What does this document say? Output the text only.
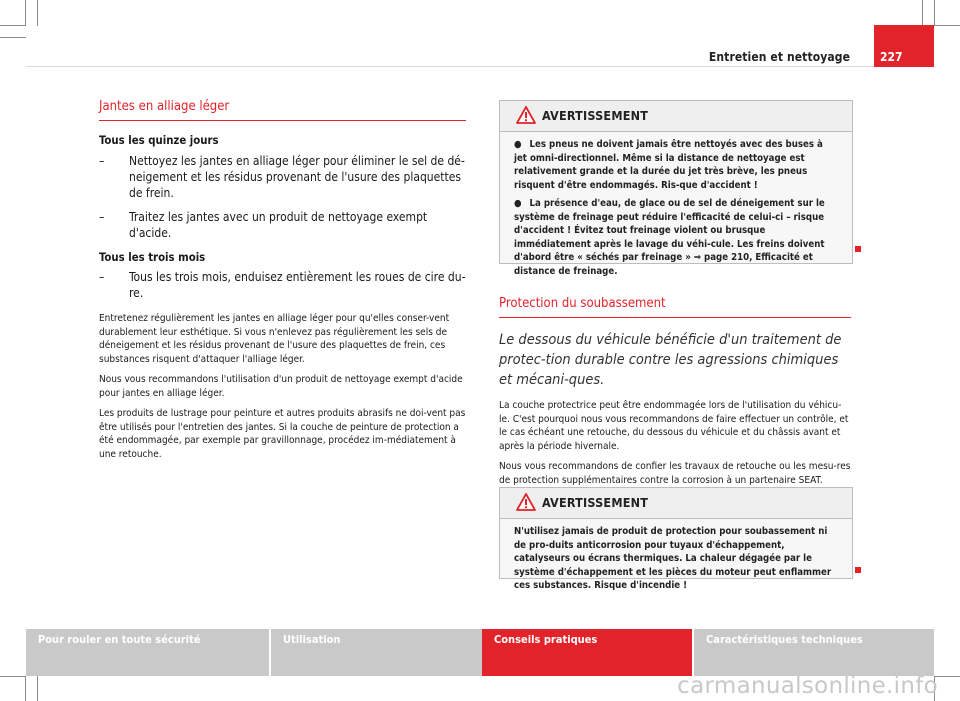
Entretien et nettoyage	227
Jantes en alliage léger

Tous les quinze jours

– Nettoyez les jantes en alliage léger pour éliminer le sel de dé-neigement et les résidus provenant de l'usure des plaquettes de frein.
– Traitez les jantes avec un produit de nettoyage exempt d'acide.

Tous les trois mois

– Tous les trois mois, enduisez entièrement les roues de cire du-re.

Entretenez régulièrement les jantes en alliage léger pour qu'elles conser-vent durablement leur esthétique. Si vous n'enlevez pas régulièrement les sels de déneigement et les résidus provenant de l'usure des plaquettes de frein, ces substances risquent d'attaquer l'alliage léger.

Nous vous recommandons l'utilisation d'un produit de nettoyage exempt d'acide pour jantes en alliage léger.

Les produits de lustrage pour peinture et autres produits abrasifs ne doi-vent pas être utilisés pour l'entretien des jantes. Si la couche de peinture de protection a été endommagée, par exemple par gravillonnage, procédez im-médiatement à une retouche.

AVERTISSEMENT

● Les pneus ne doivent jamais être nettoyés avec des buses à jet omni-directionnel. Même si la distance de nettoyage est relativement grande et la durée du jet très brève, les pneus risquent d'être endommagés. Ris-que d'accident !

● La présence d'eau, de glace ou de sel de déneigement sur le système de freinage peut réduire l'efficacité de celui-ci – risque d'accident ! Évitez tout freinage violent ou brusque immédiatement après le lavage du véhi-cule. Les freins doivent d'abord être « séchés par freinage » ⇒ page 210, Efficacité et distance de freinage.

Protection du soubassement

Le dessous du véhicule bénéficie d'un traitement de protec-tion durable contre les agressions chimiques et mécani-ques.

La couche protectrice peut être endommagée lors de l'utilisation du véhicu-le. C'est pourquoi nous vous recommandons de faire effectuer un contrôle, et le cas échéant une retouche, du dessous du véhicule et du châssis avant et après la période hivernale.

Nous vous recommandons de confier les travaux de retouche ou les mesu-res de protection supplémentaires contre la corrosion à un partenaire SEAT.

AVERTISSEMENT
N'utilisez jamais de produit de protection pour soubassement ni de pro-duits anticorrosion pour tuyaux d'échappement, catalyseurs ou écrans thermiques. La chaleur dégagée par le système d'échappement et les pièces du moteur peut enflammer ces substances. Risque d'incendie !
Pour rouler en toute sécurité	Utilisation	Conseils pratiques	Caractéristiques techniques
carmanualsonline.info
